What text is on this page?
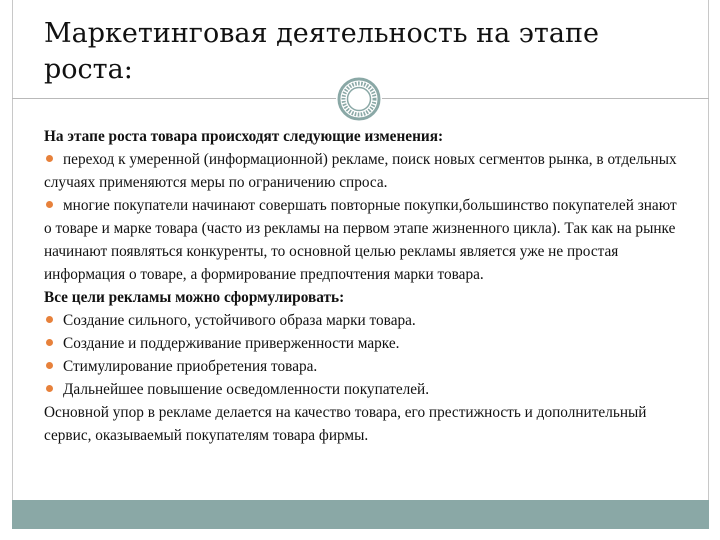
Маркетинговая деятельность на этапе роста:

На этапе роста товара происходят следующие изменения:

переход к умеренной (информационной) рекламе, поиск новых сегментов рынка, в отдельных случаях применяются меры по ограничению спроса.

многие покупатели начинают совершать повторные покупки,большинство покупателей знают о товаре и марке товара (часто из рекламы на первом этапе жизненного цикла). Так как на рынке начинают появляться конкуренты, то основной целью рекламы является уже не простая информация о товаре, а формирование предпочтения марки товара.

Все цели рекламы можно сформулировать:

Создание сильного, устойчивого образа марки товара.

Создание и поддерживание приверженности марке.

Стимулирование приобретения товара.

Дальнейшее повышение осведомленности покупателей.

Основной упор в рекламе делается на качество товара, его престижность и дополнительный сервис, оказываемый покупателям товара фирмы.
